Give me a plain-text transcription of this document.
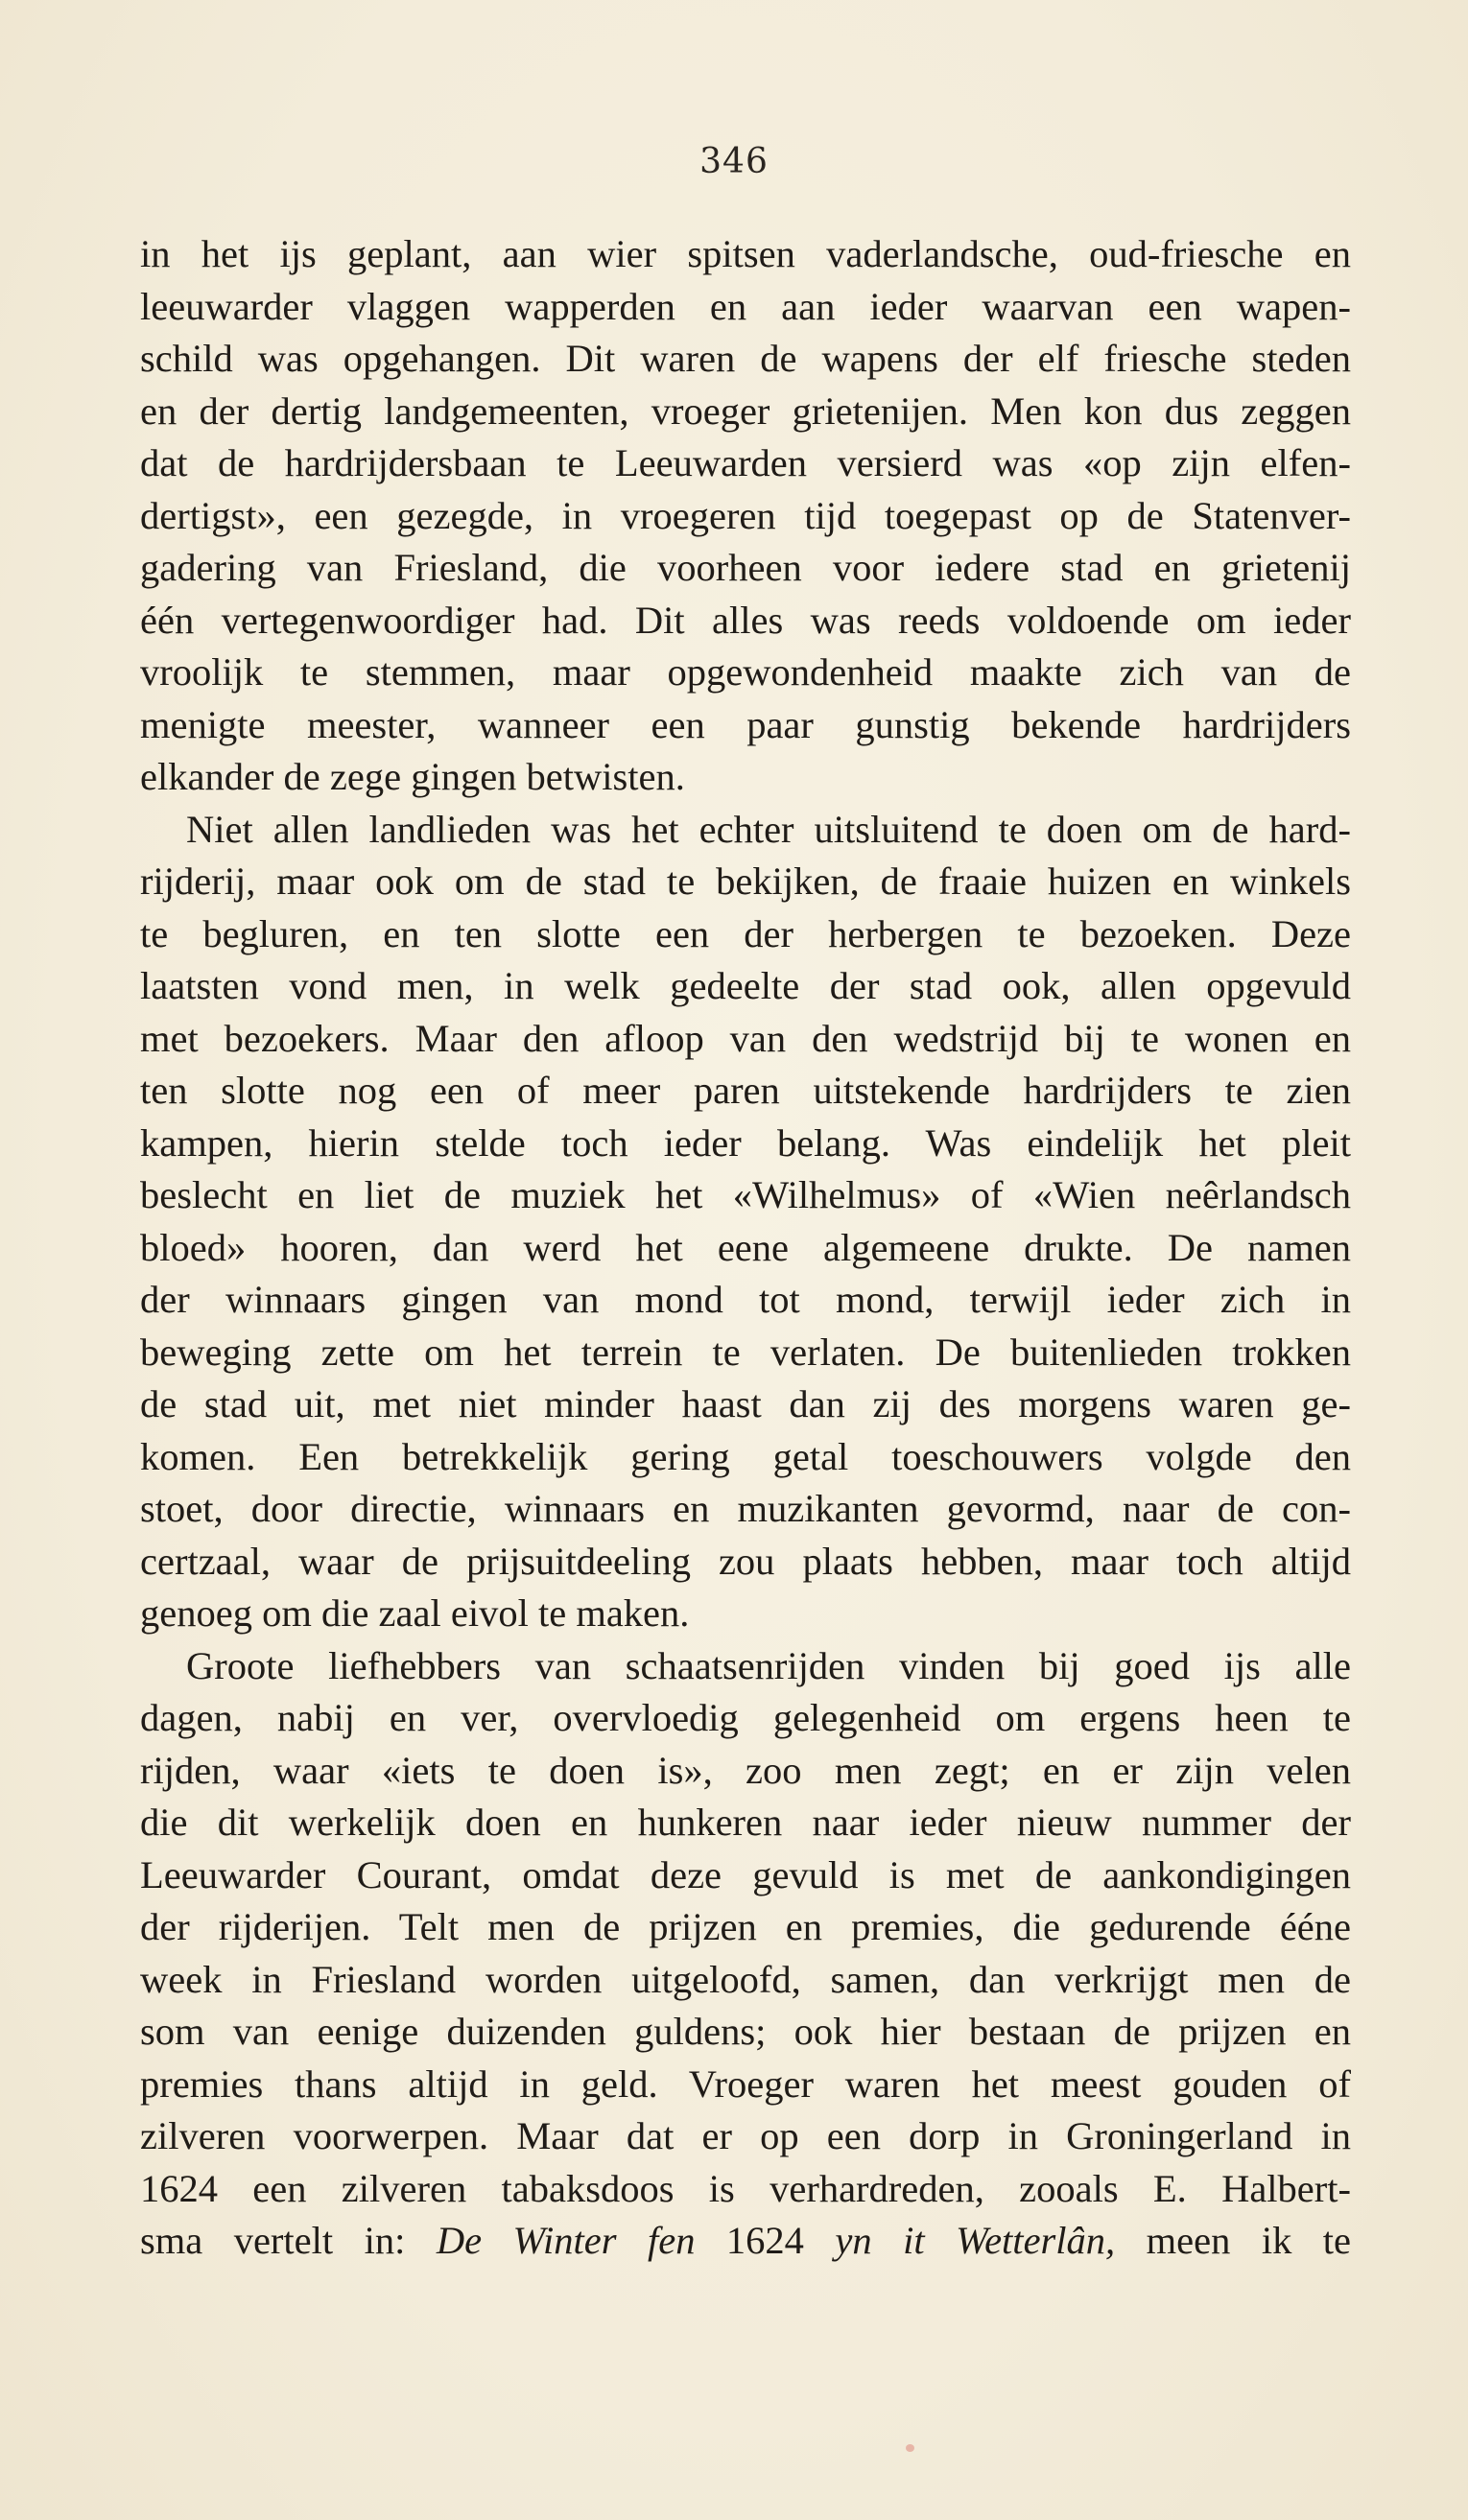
346
in het ijs geplant, aan wier spitsen vaderlandsche, oud-friesche en
leeuwarder vlaggen wapperden en aan ieder waarvan een wapen-
schild was opgehangen. Dit waren de wapens der elf friesche steden
en der dertig landgemeenten, vroeger grietenijen. Men kon dus zeggen
dat de hardrijdersbaan te Leeuwarden versierd was «op zijn elfen-
dertigst», een gezegde, in vroegeren tijd toegepast op de Statenver-
gadering van Friesland, die voorheen voor iedere stad en grietenij
één vertegenwoordiger had. Dit alles was reeds voldoende om ieder
vroolijk te stemmen, maar opgewondenheid maakte zich van de
menigte meester, wanneer een paar gunstig bekende hardrijders
elkander de zege gingen betwisten.
Niet allen landlieden was het echter uitsluitend te doen om de hard-
rijderij, maar ook om de stad te bekijken, de fraaie huizen en winkels
te begluren, en ten slotte een der herbergen te bezoeken. Deze
laatsten vond men, in welk gedeelte der stad ook, allen opgevuld
met bezoekers. Maar den afloop van den wedstrijd bij te wonen en
ten slotte nog een of meer paren uitstekende hardrijders te zien
kampen, hierin stelde toch ieder belang. Was eindelijk het pleit
beslecht en liet de muziek het «Wilhelmus» of «Wien neêrlandsch
bloed» hooren, dan werd het eene algemeene drukte. De namen
der winnaars gingen van mond tot mond, terwijl ieder zich in
beweging zette om het terrein te verlaten. De buitenlieden trokken
de stad uit, met niet minder haast dan zij des morgens waren ge-
komen. Een betrekkelijk gering getal toeschouwers volgde den
stoet, door directie, winnaars en muzikanten gevormd, naar de con-
certzaal, waar de prijsuitdeeling zou plaats hebben, maar toch altijd
genoeg om die zaal eivol te maken.
Groote liefhebbers van schaatsenrijden vinden bij goed ijs alle
dagen, nabij en ver, overvloedig gelegenheid om ergens heen te
rijden, waar «iets te doen is», zoo men zegt; en er zijn velen
die dit werkelijk doen en hunkeren naar ieder nieuw nummer der
Leeuwarder Courant, omdat deze gevuld is met de aankondigingen
der rijderijen. Telt men de prijzen en premies, die gedurende ééne
week in Friesland worden uitgeloofd, samen, dan verkrijgt men de
som van eenige duizenden guldens; ook hier bestaan de prijzen en
premies thans altijd in geld. Vroeger waren het meest gouden of
zilveren voorwerpen. Maar dat er op een dorp in Groningerland in
1624 een zilveren tabaksdoos is verhardreden, zooals E. Halbert-
sma vertelt in: De Winter fen 1624 yn it Wetterlân, meen ik te
